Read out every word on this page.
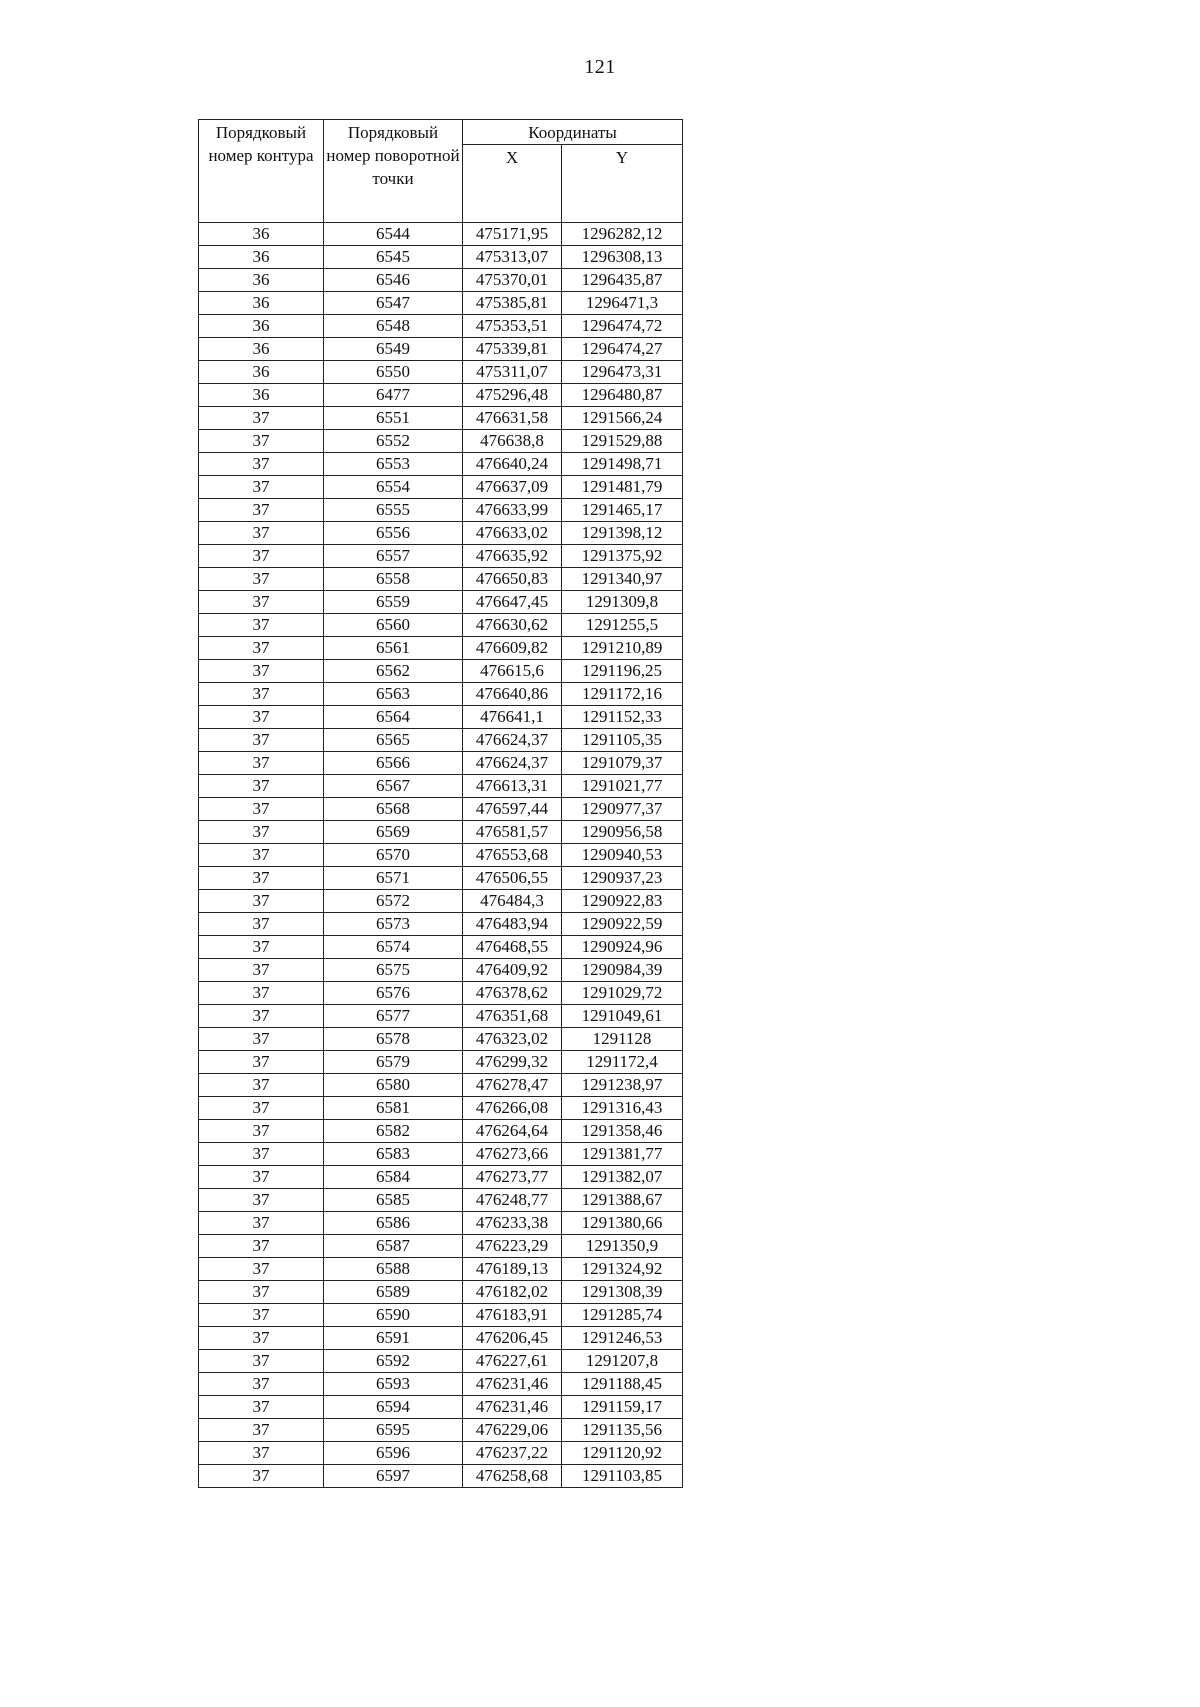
121
Порядковый номер контура	Порядковый номер поворотной точки	Координаты	
		X	Y
36	6544	475171,95	1296282,12
36	6545	475313,07	1296308,13
36	6546	475370,01	1296435,87
36	6547	475385,81	1296471,3
36	6548	475353,51	1296474,72
36	6549	475339,81	1296474,27
36	6550	475311,07	1296473,31
36	6477	475296,48	1296480,87
37	6551	476631,58	1291566,24
37	6552	476638,8	1291529,88
37	6553	476640,24	1291498,71
37	6554	476637,09	1291481,79
37	6555	476633,99	1291465,17
37	6556	476633,02	1291398,12
37	6557	476635,92	1291375,92
37	6558	476650,83	1291340,97
37	6559	476647,45	1291309,8
37	6560	476630,62	1291255,5
37	6561	476609,82	1291210,89
37	6562	476615,6	1291196,25
37	6563	476640,86	1291172,16
37	6564	476641,1	1291152,33
37	6565	476624,37	1291105,35
37	6566	476624,37	1291079,37
37	6567	476613,31	1291021,77
37	6568	476597,44	1290977,37
37	6569	476581,57	1290956,58
37	6570	476553,68	1290940,53
37	6571	476506,55	1290937,23
37	6572	476484,3	1290922,83
37	6573	476483,94	1290922,59
37	6574	476468,55	1290924,96
37	6575	476409,92	1290984,39
37	6576	476378,62	1291029,72
37	6577	476351,68	1291049,61
37	6578	476323,02	1291128
37	6579	476299,32	1291172,4
37	6580	476278,47	1291238,97
37	6581	476266,08	1291316,43
37	6582	476264,64	1291358,46
37	6583	476273,66	1291381,77
37	6584	476273,77	1291382,07
37	6585	476248,77	1291388,67
37	6586	476233,38	1291380,66
37	6587	476223,29	1291350,9
37	6588	476189,13	1291324,92
37	6589	476182,02	1291308,39
37	6590	476183,91	1291285,74
37	6591	476206,45	1291246,53
37	6592	476227,61	1291207,8
37	6593	476231,46	1291188,45
37	6594	476231,46	1291159,17
37	6595	476229,06	1291135,56
37	6596	476237,22	1291120,92
37	6597	476258,68	1291103,85
